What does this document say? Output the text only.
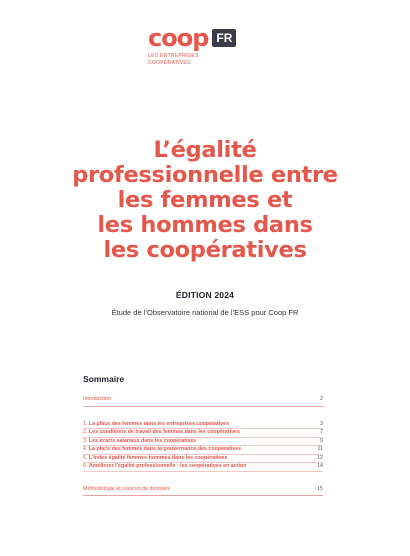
coop FR
LES ENTREPRISES
COOPÉRATIVES
L’égalité
professionnelle entre
les femmes et
les hommes dans
les coopératives
ÉDITION 2024
Étude de l’Observatoire national de l’ESS pour Coop FR
Sommaire
Introduction	2
1. La place des femmes dans les entreprises coopératives	3
2. Les conditions de travail des femmes dans les coopératives	7
3. Les écarts salariaux dans les coopératives	9
4. La place des femmes dans la gouvernance des coopératives	11
5. L’index égalité femmes-hommes dans les coopératives	12
6. Améliorer l’égalité professionnelle : les coopératives en action	14
Méthodologie et sources de données	15
